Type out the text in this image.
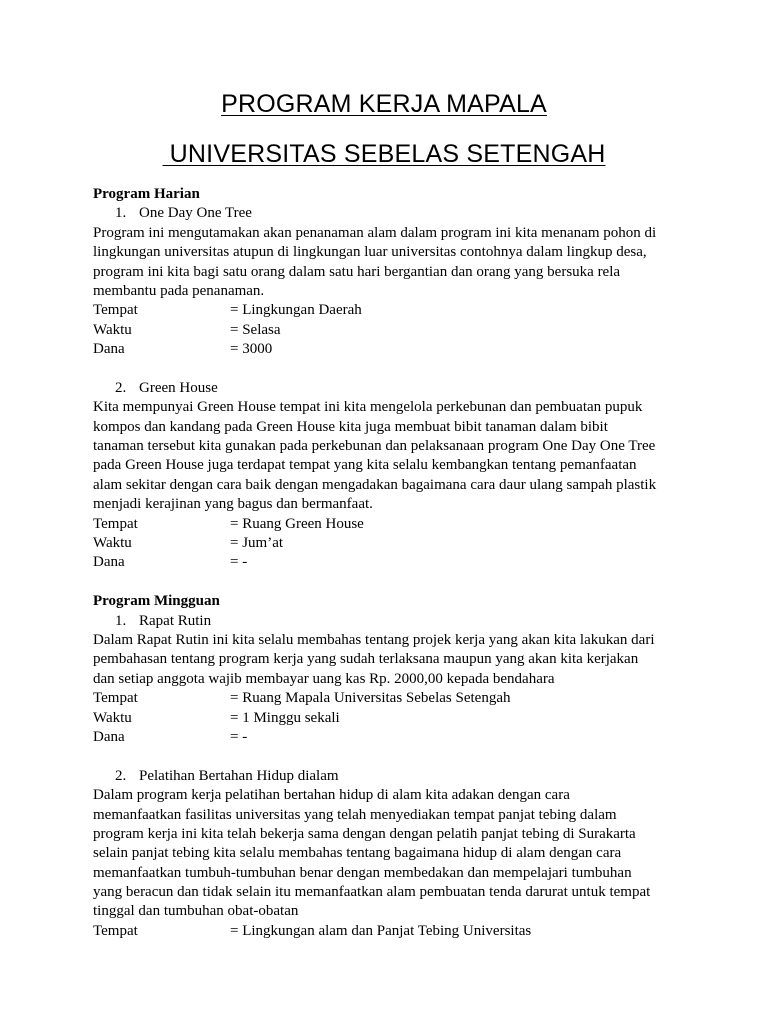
PROGRAM KERJA MAPALA
UNIVERSITAS SEBELAS SETENGAH
Program Harian
1. One Day One Tree
Program ini mengutamakan akan penanaman alam dalam program ini kita menanam pohon di
lingkungan universitas atupun di lingkungan luar universitas contohnya dalam lingkup desa,
program ini kita bagi satu orang dalam satu hari bergantian dan orang yang bersuka rela
membantu pada penanaman.
Tempat	= Lingkungan Daerah
Waktu	= Selasa
Dana	= 3000
2. Green House
Kita mempunyai Green House tempat ini kita mengelola perkebunan dan pembuatan pupuk
kompos dan kandang pada Green House kita juga membuat bibit tanaman dalam bibit
tanaman tersebut kita gunakan pada perkebunan dan pelaksanaan program One Day One Tree
pada Green House juga terdapat tempat yang kita selalu kembangkan tentang pemanfaatan
alam sekitar dengan cara baik dengan mengadakan bagaimana cara daur ulang sampah plastik
menjadi kerajinan yang bagus dan bermanfaat.
Tempat	= Ruang Green House
Waktu	= Jum’at
Dana	= -
Program Mingguan
1. Rapat Rutin
Dalam Rapat Rutin ini kita selalu membahas tentang projek kerja yang akan kita lakukan dari
pembahasan tentang program kerja yang sudah terlaksana maupun yang akan kita kerjakan
dan setiap anggota wajib membayar uang kas Rp. 2000,00 kepada bendahara
Tempat	= Ruang Mapala Universitas Sebelas Setengah
Waktu	= 1 Minggu sekali
Dana	= -
2. Pelatihan Bertahan Hidup dialam
Dalam program kerja pelatihan bertahan hidup di alam kita adakan dengan cara
memanfaatkan fasilitas universitas yang telah menyediakan tempat panjat tebing dalam
program kerja ini kita telah bekerja sama dengan dengan pelatih panjat tebing di Surakarta
selain panjat tebing kita selalu membahas tentang bagaimana hidup di alam dengan cara
memanfaatkan tumbuh-tumbuhan benar dengan membedakan dan mempelajari tumbuhan
yang beracun dan tidak selain itu memanfaatkan alam pembuatan tenda darurat untuk tempat
tinggal dan tumbuhan obat-obatan
Tempat	= Lingkungan alam dan Panjat Tebing Universitas
